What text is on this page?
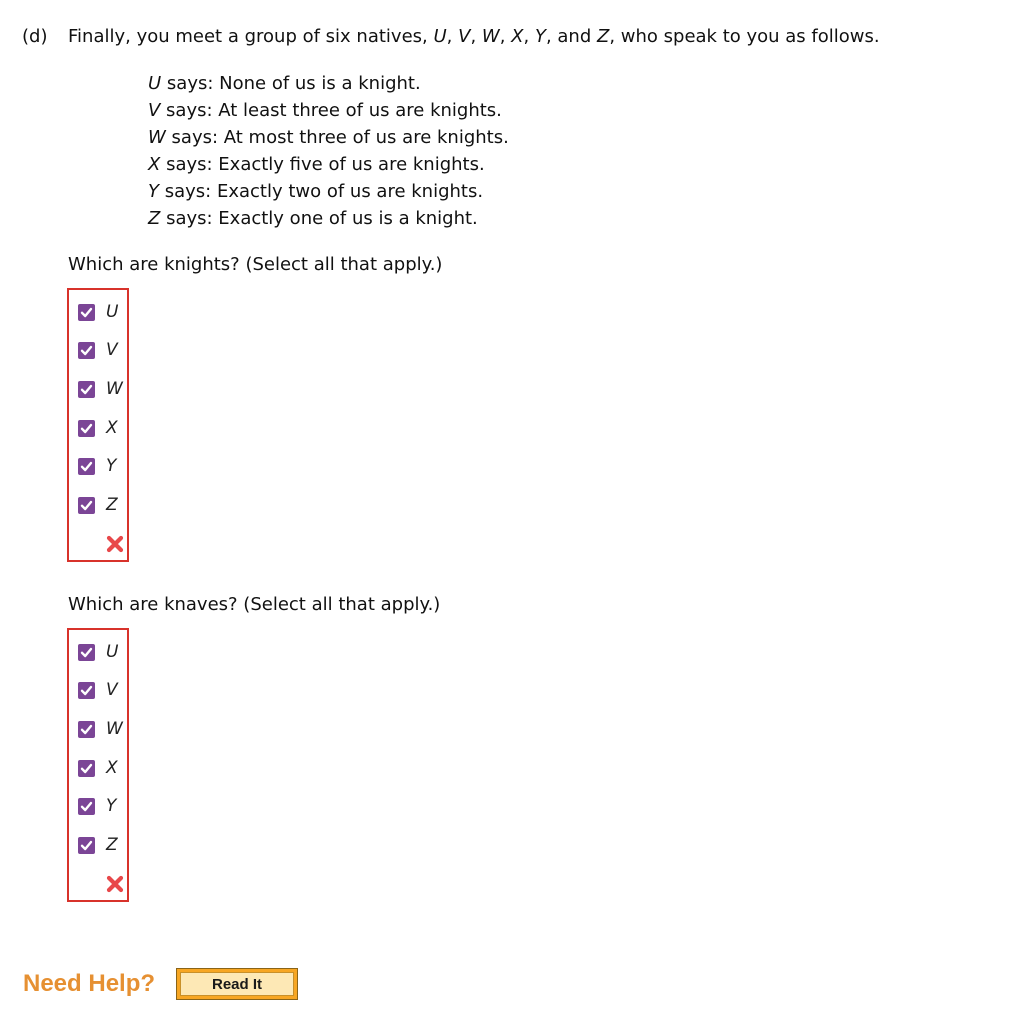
(d) Finally, you meet a group of six natives, U, V, W, X, Y, and Z, who speak to you as follows.
U says: None of us is a knight.
V says: At least three of us are knights.
W says: At most three of us are knights.
X says: Exactly five of us are knights.
Y says: Exactly two of us are knights.
Z says: Exactly one of us is a knight.
Which are knights? (Select all that apply.)
U
V
W
X
Y
Z
Which are knaves? (Select all that apply.)
U
V
W
X
Y
Z
Need Help?	Read It
